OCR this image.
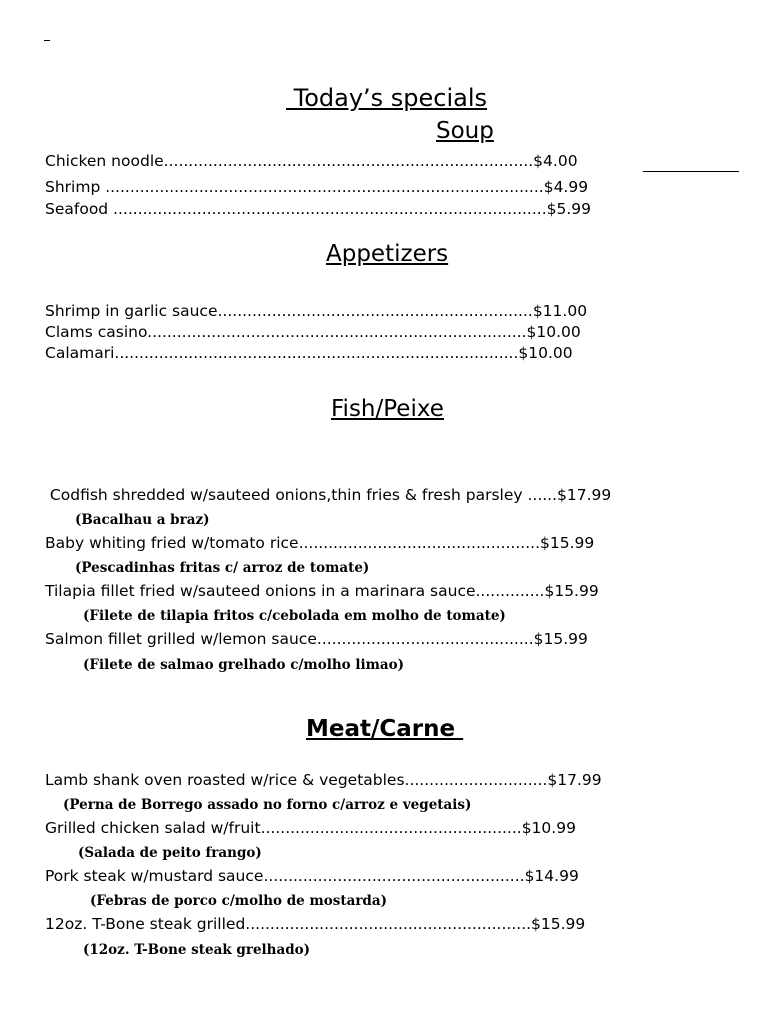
Today’s specials
Soup
Chicken noodle...........................................................................$4.00
Shrimp .........................................................................................$4.99
Seafood ........................................................................................$5.99
Appetizers
Shrimp in garlic sauce................................................................$11.00
Clams casino.............................................................................$10.00
Calamari..................................................................................$10.00
Fish/Peixe
Codfish shredded w/sauteed onions,thin fries & fresh parsley ......$17.99
(Bacalhau a braz)
Baby whiting fried w/tomato rice.................................................$15.99
(Pescadinhas fritas c/ arroz de tomate)
Tilapia fillet fried w/sauteed onions in a marinara sauce..............$15.99
(Filete de tilapia fritos c/cebolada em molho de tomate)
Salmon fillet grilled w/lemon sauce............................................$15.99
(Filete de salmao grelhado c/molho limao)
Meat/Carne
Lamb shank oven roasted w/rice & vegetables.............................$17.99
(Perna de Borrego assado no forno c/arroz e vegetais)
Grilled chicken salad w/fruit.....................................................$10.99
(Salada de peito frango)
Pork steak w/mustard sauce.....................................................$14.99
(Febras de porco c/molho de mostarda)
12oz. T-Bone steak grilled..........................................................$15.99
(12oz. T-Bone steak grelhado)
